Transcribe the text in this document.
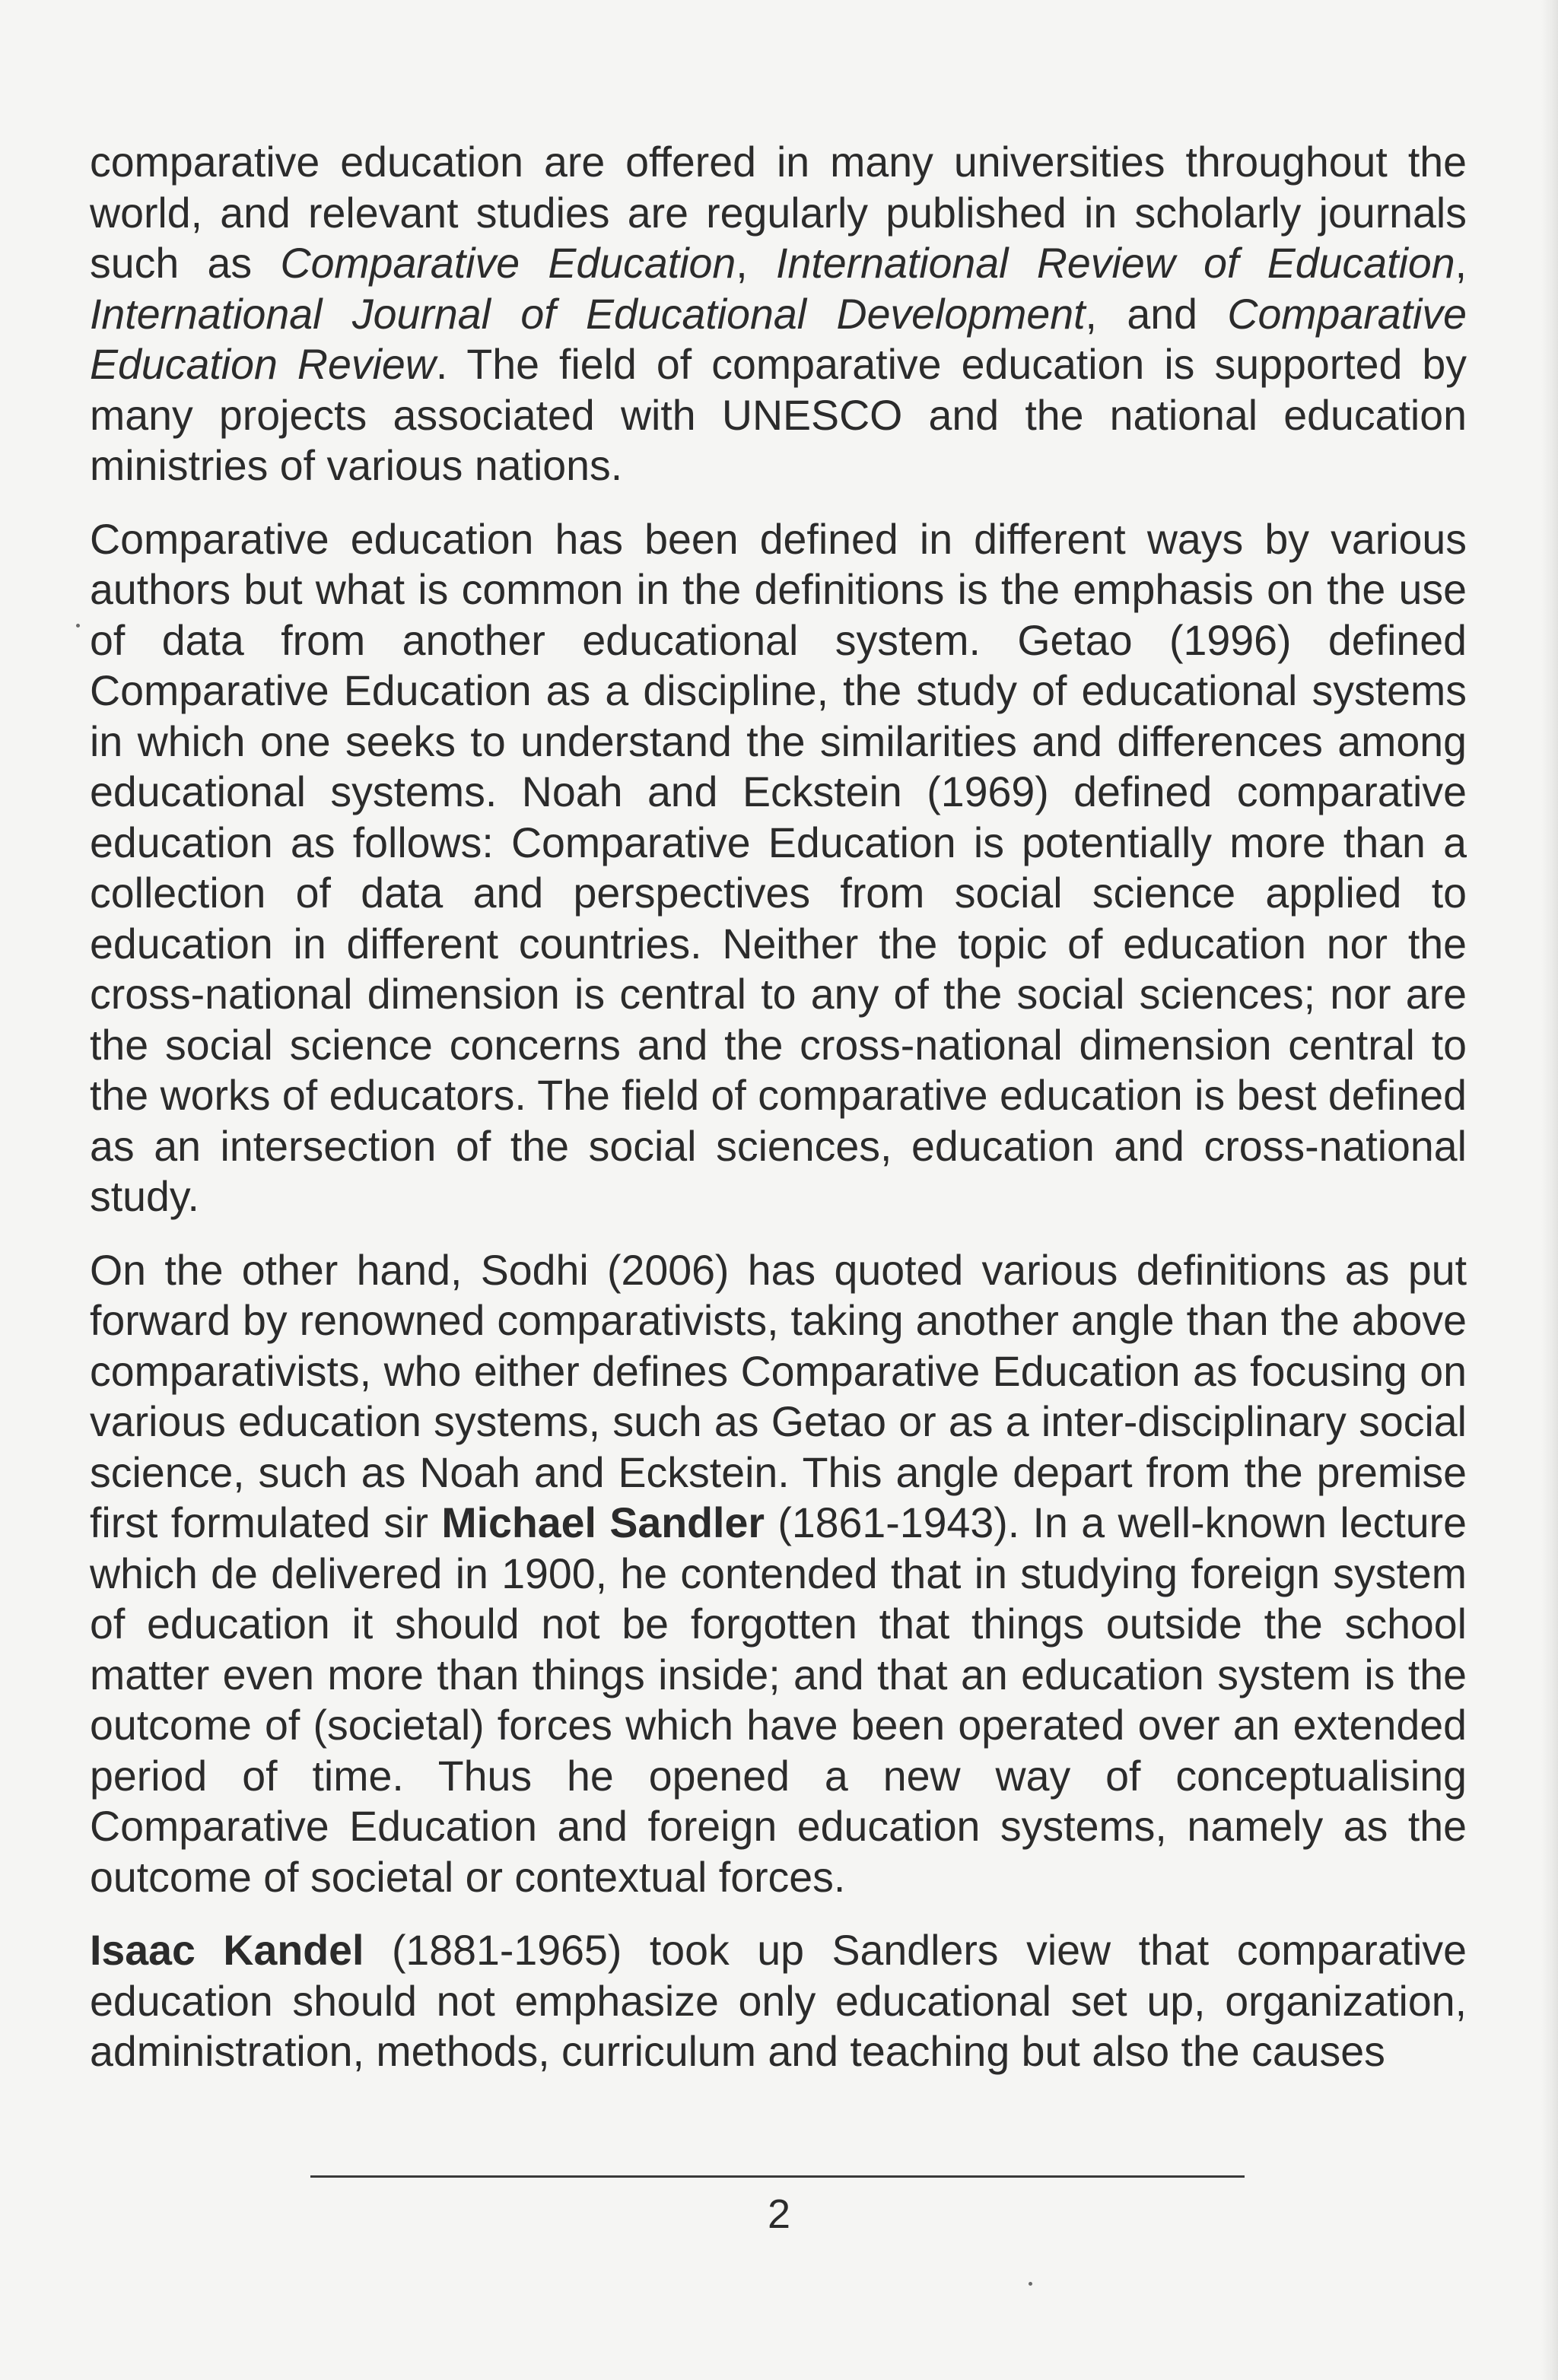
comparative education are offered in many universities throughout the world, and relevant studies are regularly published in scholarly journals such as Comparative Education, International Review of Education, International Journal of Educational Development, and Comparative Education Review. The field of comparative education is supported by many projects associated with UNESCO and the national education ministries of various nations.

Comparative education has been defined in different ways by various authors but what is common in the definitions is the emphasis on the use of data from another educational system. Getao (1996) defined Comparative Education as a discipline, the study of educational systems in which one seeks to understand the similarities and differences among educational systems. Noah and Eckstein (1969) defined comparative education as follows: Comparative Education is potentially more than a collection of data and perspectives from social science applied to education in different countries. Neither the topic of education nor the cross-national dimension is central to any of the social sciences; nor are the social science concerns and the cross-national dimension central to the works of educators. The field of comparative education is best defined as an intersection of the social sciences, education and cross-national study.

On the other hand, Sodhi (2006) has quoted various definitions as put forward by renowned comparativists, taking another angle than the above comparativists, who either defines Comparative Education as focusing on various education systems, such as Getao or as a inter-disciplinary social science, such as Noah and Eckstein. This angle depart from the premise first formulated sir Michael Sandler (1861-1943). In a well-known lecture which de delivered in 1900, he contended that in studying foreign system of education it should not be forgotten that things outside the school matter even more than things inside; and that an education system is the outcome of (societal) forces which have been operated over an extended period of time. Thus he opened a new way of conceptualising Comparative Education and foreign education systems, namely as the outcome of societal or contextual forces.

Isaac Kandel (1881-1965) took up Sandlers view that comparative education should not emphasize only educational set up, organization, administration, methods, curriculum and teaching but also the causes

2
